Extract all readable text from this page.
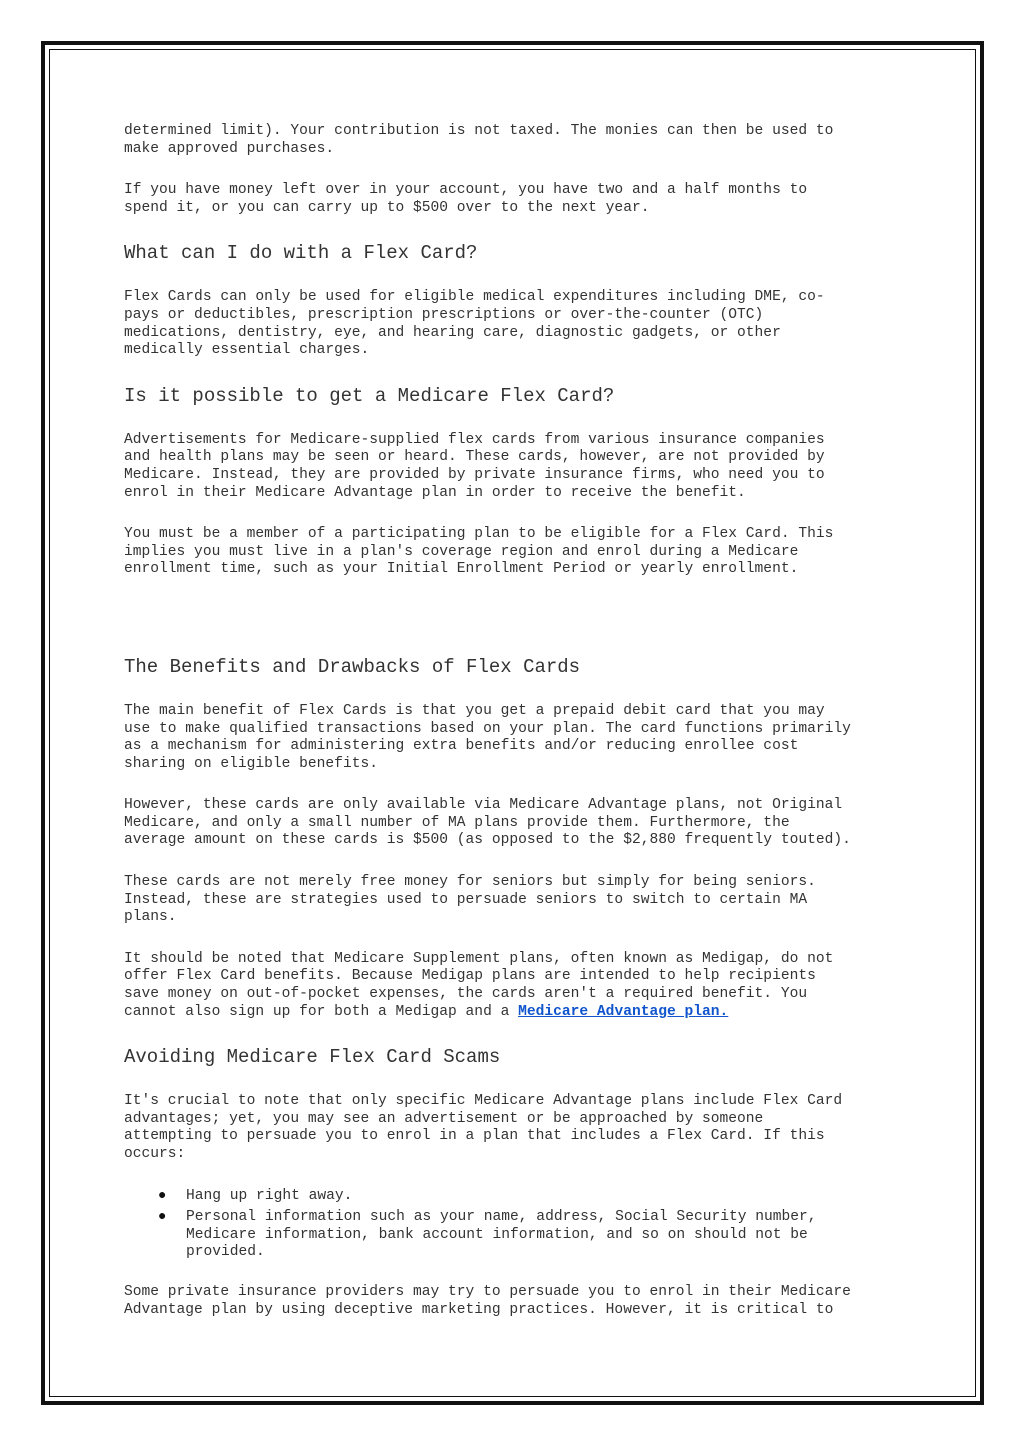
determined limit). Your contribution is not taxed. The monies can then be used to
make approved purchases.

If you have money left over in your account, you have two and a half months to
spend it, or you can carry up to $500 over to the next year.

What can I do with a Flex Card?

Flex Cards can only be used for eligible medical expenditures including DME, co-
pays or deductibles, prescription prescriptions or over-the-counter (OTC)
medications, dentistry, eye, and hearing care, diagnostic gadgets, or other
medically essential charges.

Is it possible to get a Medicare Flex Card?

Advertisements for Medicare-supplied flex cards from various insurance companies
and health plans may be seen or heard. These cards, however, are not provided by
Medicare. Instead, they are provided by private insurance firms, who need you to
enrol in their Medicare Advantage plan in order to receive the benefit.

You must be a member of a participating plan to be eligible for a Flex Card. This
implies you must live in a plan's coverage region and enrol during a Medicare
enrollment time, such as your Initial Enrollment Period or yearly enrollment.

The Benefits and Drawbacks of Flex Cards

The main benefit of Flex Cards is that you get a prepaid debit card that you may
use to make qualified transactions based on your plan. The card functions primarily
as a mechanism for administering extra benefits and/or reducing enrollee cost
sharing on eligible benefits.

However, these cards are only available via Medicare Advantage plans, not Original
Medicare, and only a small number of MA plans provide them. Furthermore, the
average amount on these cards is $500 (as opposed to the $2,880 frequently touted).

These cards are not merely free money for seniors but simply for being seniors.
Instead, these are strategies used to persuade seniors to switch to certain MA
plans.

It should be noted that Medicare Supplement plans, often known as Medigap, do not
offer Flex Card benefits. Because Medigap plans are intended to help recipients
save money on out-of-pocket expenses, the cards aren't a required benefit. You
cannot also sign up for both a Medigap and a Medicare Advantage plan.

Avoiding Medicare Flex Card Scams

It's crucial to note that only specific Medicare Advantage plans include Flex Card
advantages; yet, you may see an advertisement or be approached by someone
attempting to persuade you to enrol in a plan that includes a Flex Card. If this
occurs:

● Hang up right away.
● Personal information such as your name, address, Social Security number,
Medicare information, bank account information, and so on should not be
provided.

Some private insurance providers may try to persuade you to enrol in their Medicare
Advantage plan by using deceptive marketing practices. However, it is critical to
